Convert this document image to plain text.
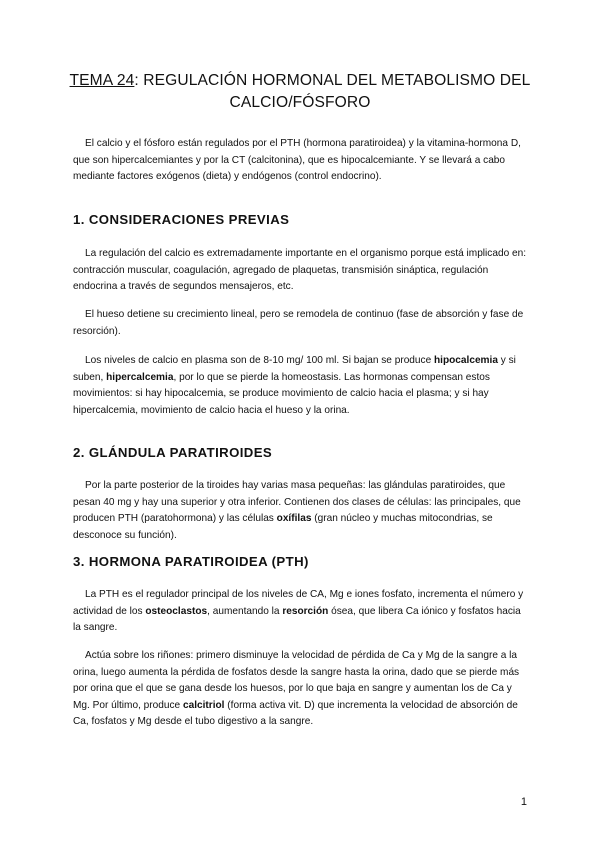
TEMA 24: REGULACIÓN HORMONAL DEL METABOLISMO DEL CALCIO/FÓSFORO

El calcio y el fósforo están regulados por el PTH (hormona paratiroidea) y la vitamina-hormona D, que son hipercalcemiantes y por la CT (calcitonina), que es hipocalcemiante. Y se llevará a cabo mediante factores exógenos (dieta) y endógenos (control endocrino).

1. CONSIDERACIONES PREVIAS

La regulación del calcio es extremadamente importante en el organismo porque está implicado en: contracción muscular, coagulación, agregado de plaquetas, transmisión sináptica, regulación endocrina a través de segundos mensajeros, etc.

El hueso detiene su crecimiento lineal, pero se remodela de continuo (fase de absorción y fase de resorción).

Los niveles de calcio en plasma son de 8-10 mg/ 100 ml. Si bajan se produce hipocalcemia y si suben, hipercalcemia, por lo que se pierde la homeostasis. Las hormonas compensan estos movimientos: si hay hipocalcemia, se produce movimiento de calcio hacia el plasma; y si hay hipercalcemia, movimiento de calcio hacia el hueso y la orina.

2. GLÁNDULA PARATIROIDES

Por la parte posterior de la tiroides hay varias masa pequeñas: las glándulas paratiroides, que pesan 40 mg y hay una superior y otra inferior. Contienen dos clases de células: las principales, que producen PTH (paratohormona) y las células oxífilas (gran núcleo y muchas mitocondrias, se desconoce su función).

3. HORMONA PARATIROIDEA (PTH)

La PTH es el regulador principal de los niveles de CA, Mg e iones fosfato, incrementa el número y actividad de los osteoclastos, aumentando la resorción ósea, que libera Ca iónico y fosfatos hacia la sangre.

Actúa sobre los riñones: primero disminuye la velocidad de pérdida de Ca y Mg de la sangre a la orina, luego aumenta la pérdida de fosfatos desde la sangre hasta la orina, dado que se pierde más por orina que el que se gana desde los huesos, por lo que baja en sangre y aumentan los de Ca y Mg. Por último, produce calcitriol (forma activa vit. D) que incrementa la velocidad de absorción de Ca, fosfatos y Mg desde el tubo digestivo a la sangre.

1
